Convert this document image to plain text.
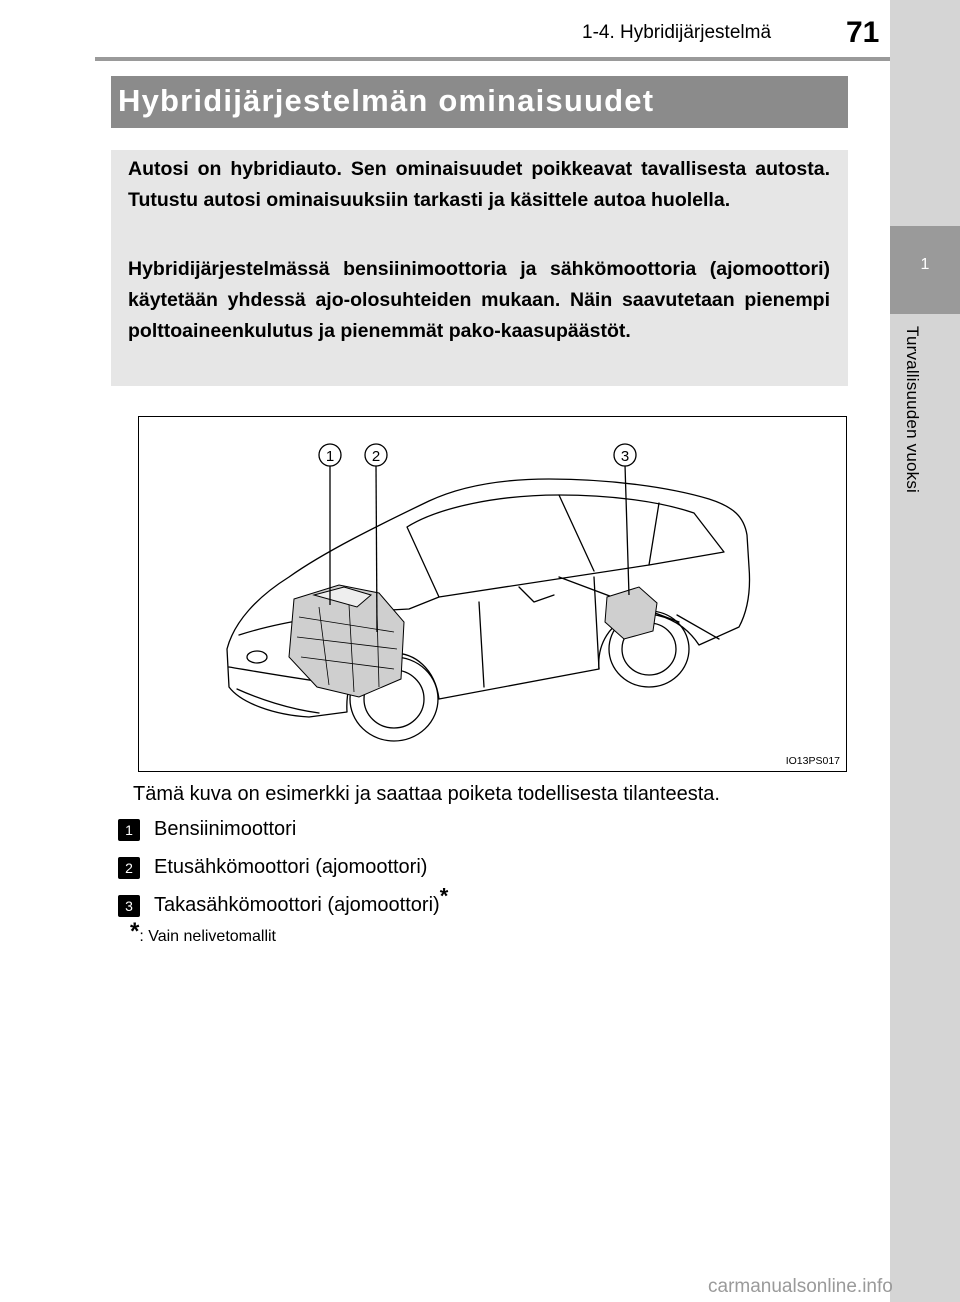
1-4. Hybridijärjestelmä 71
1
Turvallisuuden vuoksi
Hybridijärjestelmän ominaisuudet

Autosi on hybridiauto. Sen ominaisuudet poikkeavat tavallisesta autosta. Tutustu autosi ominaisuuksiin tarkasti ja käsittele autoa huolella.

Hybridijärjestelmässä bensiinimoottoria ja sähkömoottoria (ajomoottori) käytetään yhdessä ajo-olosuhteiden mukaan. Näin saavutetaan pienempi polttoaineenkulutus ja pienemmät pako-kaasupäästöt.

1	2	3
IO13PS017
Tämä kuva on esimerkki ja saattaa poiketa todellisesta tilanteesta.
1 Bensiinimoottori
2 Etusähkömoottori (ajomoottori)
3 Takasähkömoottori (ajomoottori)*
*: Vain nelivetomallit
carmanualsonline.info
